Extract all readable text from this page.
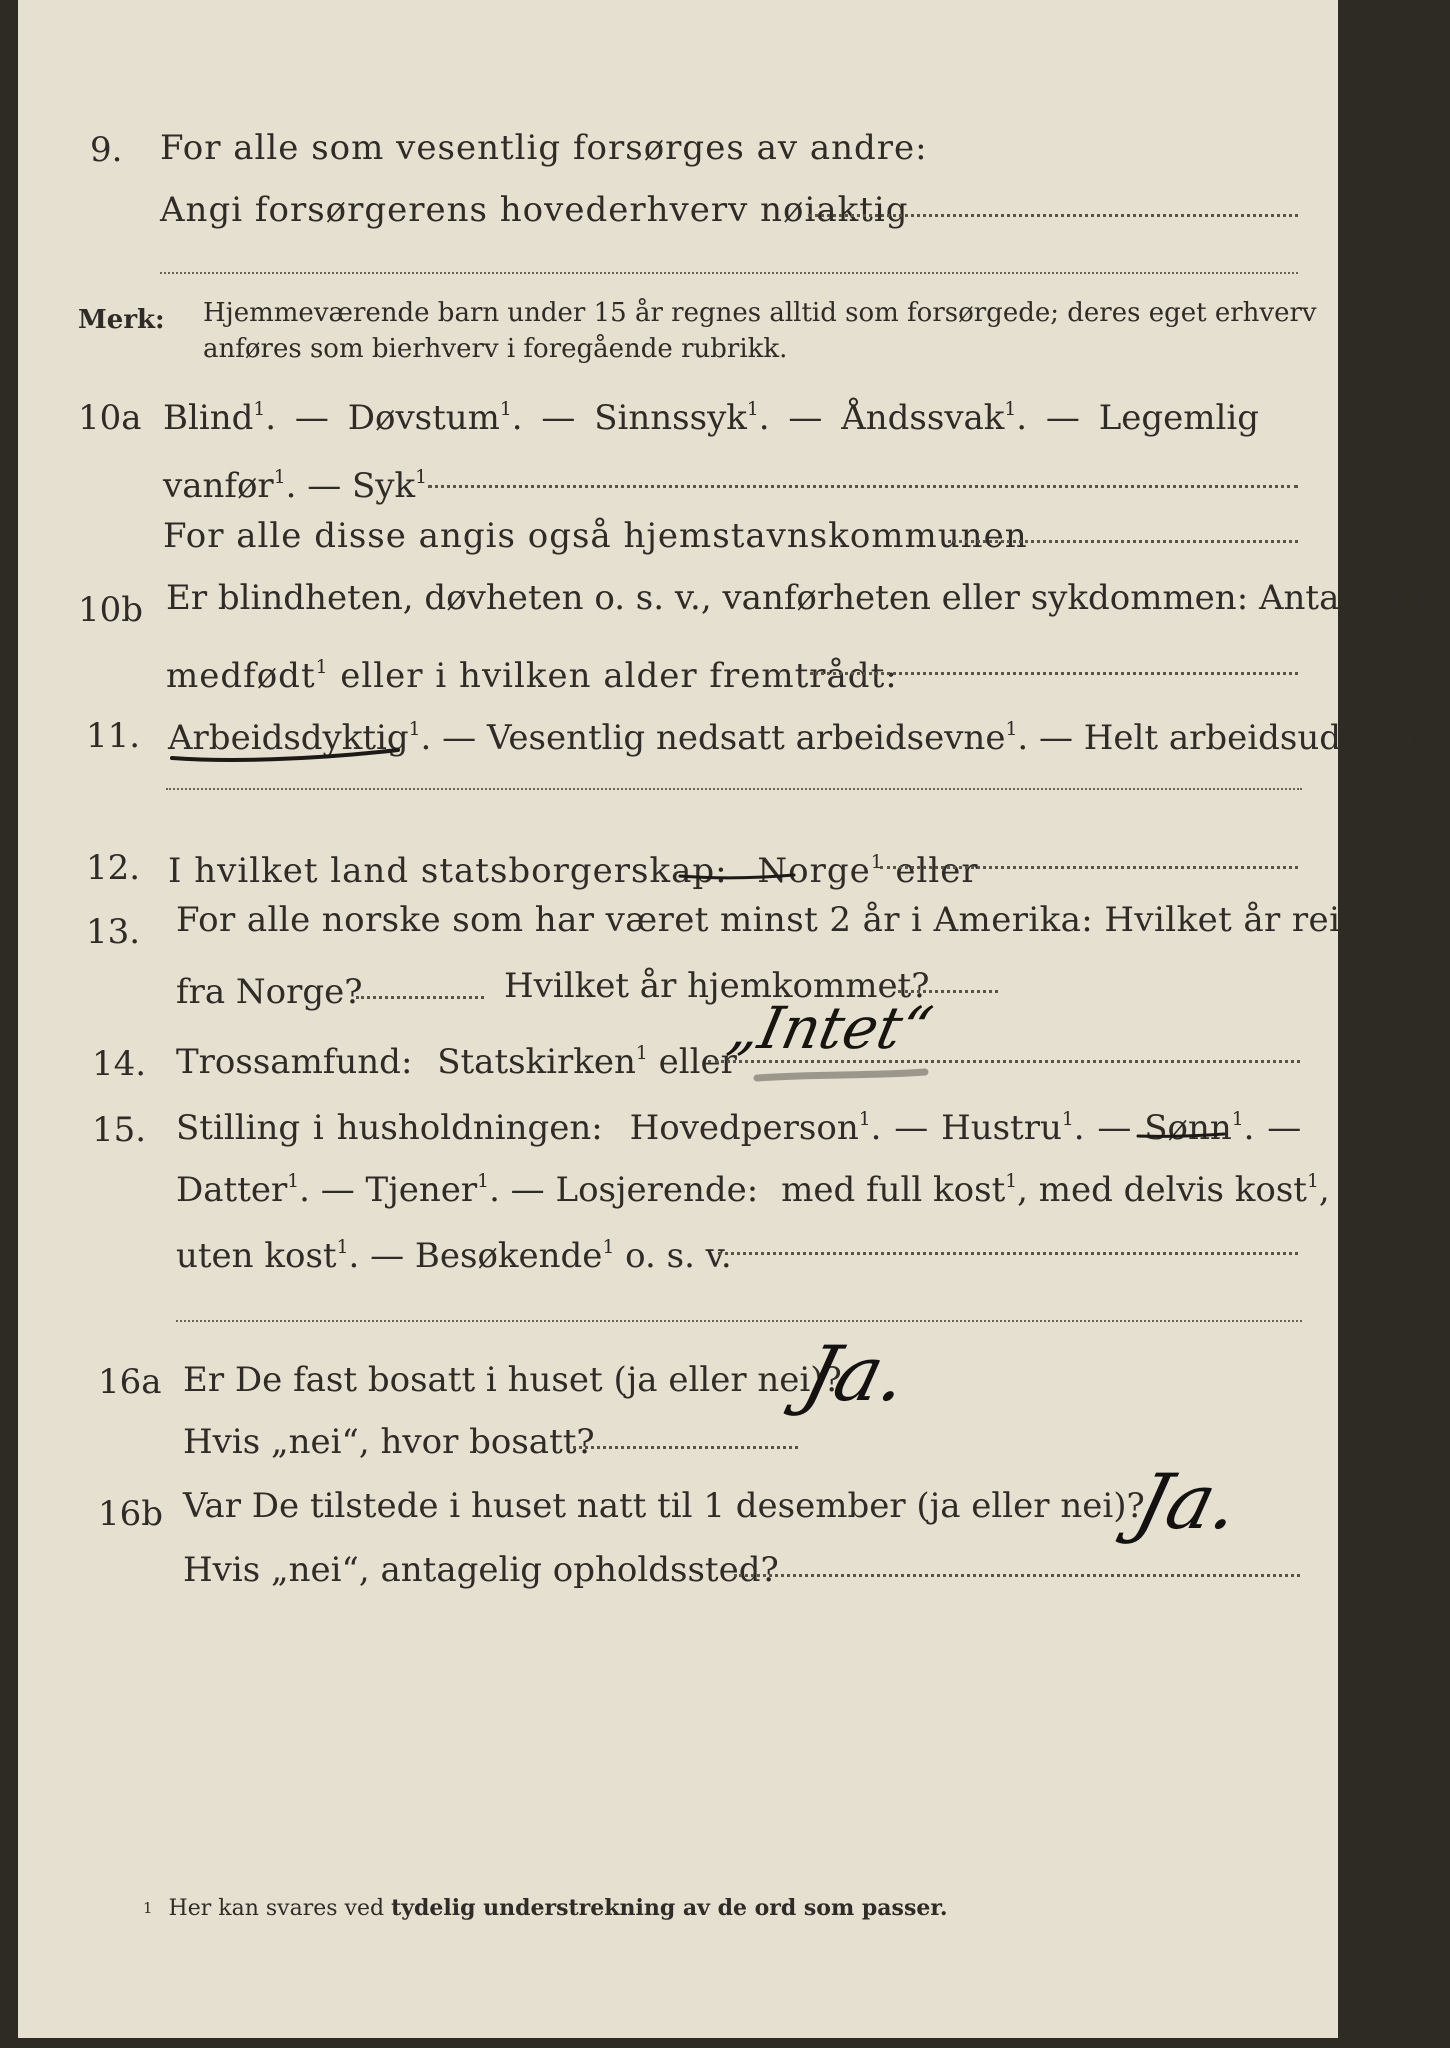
9. For alle som vesentlig forsørges av andre:
Angi forsørgerens hovederhverv nøiaktig
Merk: Hjemmeværende barn under 15 år regnes alltid som forsørgede; deres eget erhverv
anføres som bierhverv i foregående rubrikk.
10a Blind$^1$. — Døvstum$^1$. — Sinnssyk$^1$. — Åndssvak$^1$. — Legemlig
vanfør$^1$. — Syk$^1$
For alle disse angis også hjemstavnskommunen
10b Er blindheten, døvheten o. s. v., vanførheten eller sykdommen: Antagelig
medfødt$^1$ eller i hvilken alder fremtrådt:
11. Arbeidsdyktig$^1$. — Vesentlig nedsatt arbeidsevne$^1$. — Helt arbeidsudyktig$^1$.
12. I hvilket land statsborgerskap: Norge$^1$ eller
13. For alle norske som har været minst 2 år i Amerika: Hvilket år reist
fra Norge?	Hvilket år hjemkommet?
14. Trossamfund: Statskirken$^1$ eller
„Intet“
15. Stilling i husholdningen: Hovedperson$^1$. — Hustru$^1$. — Sønn$^1$. —
Datter$^1$. — Tjener$^1$. — Losjerende: med full kost$^1$, med delvis kost$^1$,
uten kost$^1$. — Besøkende$^1$ o. s. v.
16a Er De fast bosatt i huset (ja eller nei)?
Ja.
Hvis „nei“, hvor bosatt?
16b Var De tilstede i huset natt til 1 desember (ja eller nei)?
Ja.
Hvis „nei“, antagelig opholdssted?
1 Her kan svares ved tydelig understrekning av de ord som passer.
